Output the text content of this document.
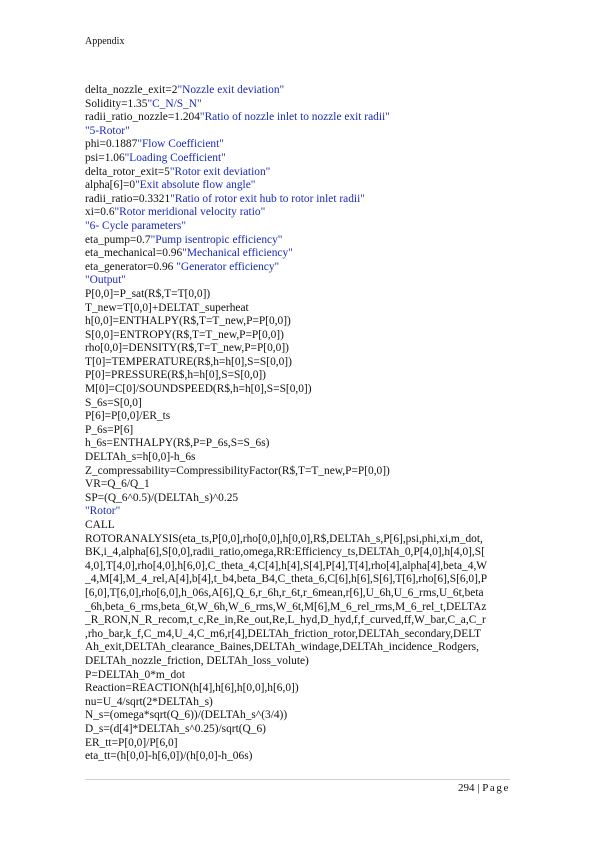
Appendix
delta_nozzle_exit=2"Nozzle exit deviation"
Solidity=1.35"C_N/S_N"
radii_ratio_nozzle=1.204"Ratio of nozzle inlet to nozzle exit radii"
"5-Rotor"
phi=0.1887"Flow Coefficient"
psi=1.06"Loading Coefficient"
delta_rotor_exit=5"Rotor exit deviation"
alpha[6]=0"Exit absolute flow angle"
radii_ratio=0.3321"Ratio of rotor exit hub to rotor inlet radii"
xi=0.6"Rotor meridional velocity ratio"
"6- Cycle parameters"
eta_pump=0.7"Pump isentropic efficiency"
eta_mechanical=0.96"Mechanical efficiency"
eta_generator=0.96 "Generator efficiency"
"Output"
P[0,0]=P_sat(R$,T=T[0,0])
T_new=T[0,0]+DELTAT_superheat
h[0,0]=ENTHALPY(R$,T=T_new,P=P[0,0])
S[0,0]=ENTROPY(R$,T=T_new,P=P[0,0])
rho[0,0]=DENSITY(R$,T=T_new,P=P[0,0])
T[0]=TEMPERATURE(R$,h=h[0],S=S[0,0])
P[0]=PRESSURE(R$,h=h[0],S=S[0,0])
M[0]=C[0]/SOUNDSPEED(R$,h=h[0],S=S[0,0])
S_6s=S[0,0]
P[6]=P[0,0]/ER_ts
P_6s=P[6]
h_6s=ENTHALPY(R$,P=P_6s,S=S_6s)
DELTAh_s=h[0,0]-h_6s
Z_compressability=CompressibilityFactor(R$,T=T_new,P=P[0,0])
VR=Q_6/Q_1
SP=(Q_6^0.5)/(DELTAh_s)^0.25
"Rotor"
CALL
ROTORANALYSIS(eta_ts,P[0,0],rho[0,0],h[0,0],R$,DELTAh_s,P[6],psi,phi,xi,m_dot,
BK,i_4,alpha[6],S[0,0],radii_ratio,omega,RR:Efficiency_ts,DELTAh_0,P[4,0],h[4,0],S[
4,0],T[4,0],rho[4,0],h[6,0],C_theta_4,C[4],h[4],S[4],P[4],T[4],rho[4],alpha[4],beta_4,W
_4,M[4],M_4_rel,A[4],b[4],t_b4,beta_B4,C_theta_6,C[6],h[6],S[6],T[6],rho[6],S[6,0],P
[6,0],T[6,0],rho[6,0],h_06s,A[6],Q_6,r_6h,r_6t,r_6mean,r[6],U_6h,U_6_rms,U_6t,beta
_6h,beta_6_rms,beta_6t,W_6h,W_6_rms,W_6t,M[6],M_6_rel_rms,M_6_rel_t,DELTAz
_R_RON,N_R_recom,t_c,Re_in,Re_out,Re,L_hyd,D_hyd,f,f_curved,ff,W_bar,C_a,C_r
,rho_bar,k_f,C_m4,U_4,C_m6,r[4],DELTAh_friction_rotor,DELTAh_secondary,DELT
Ah_exit,DELTAh_clearance_Baines,DELTAh_windage,DELTAh_incidence_Rodgers,
DELTAh_nozzle_friction, DELTAh_loss_volute)
P=DELTAh_0*m_dot
Reaction=REACTION(h[4],h[6],h[0,0],h[6,0])
nu=U_4/sqrt(2*DELTAh_s)
N_s=(omega*sqrt(Q_6))/(DELTAh_s^(3/4))
D_s=(d[4]*DELTAh_s^0.25)/sqrt(Q_6)
ER_tt=P[0,0]/P[6,0]
eta_tt=(h[0,0]-h[6,0])/(h[0,0]-h_06s)
294 | Page
